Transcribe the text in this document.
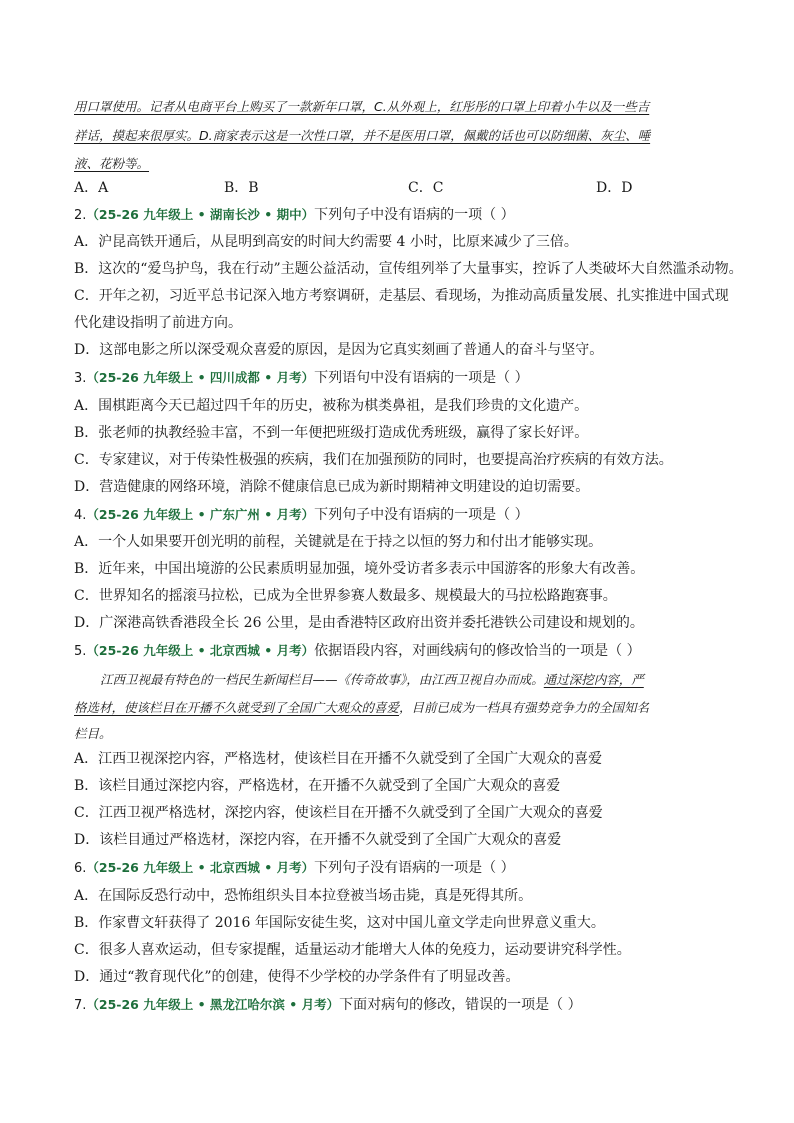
用口罩使用。记者从电商平台上购买了一款新年口罩，C.从外观上，红彤彤的口罩上印着小牛以及一些吉
祥话，摸起来很厚实。D.商家表示这是一次性口罩，并不是医用口罩，佩戴的话也可以防细菌、灰尘、唾
液、花粉等。
A．A	B．B	C．C	D．D
2.（25-26 九年级上 • 湖南长沙 • 期中）下列句子中没有语病的一项（ ）
A．沪昆高铁开通后，从昆明到高安的时间大约需要 4 小时，比原来减少了三倍。
B．这次的“爱鸟护鸟，我在行动”主题公益活动，宣传组列举了大量事实，控诉了人类破坏大自然滥杀动物。
C．开年之初，习近平总书记深入地方考察调研，走基层、看现场，为推动高质量发展、扎实推进中国式现
代化建设指明了前进方向。
D．这部电影之所以深受观众喜爱的原因，是因为它真实刻画了普通人的奋斗与坚守。
3.（25-26 九年级上 • 四川成都 • 月考）下列语句中没有语病的一项是（ ）
A．围棋距离今天已超过四千年的历史，被称为棋类鼻祖，是我们珍贵的文化遗产。
B．张老师的执教经验丰富，不到一年便把班级打造成优秀班级，赢得了家长好评。
C．专家建议，对于传染性极强的疾病，我们在加强预防的同时，也要提高治疗疾病的有效方法。
D．营造健康的网络环境，消除不健康信息已成为新时期精神文明建设的迫切需要。
4.（25-26 九年级上 • 广东广州 • 月考）下列句子中没有语病的一项是（ ）
A．一个人如果要开创光明的前程，关键就是在于持之以恒的努力和付出才能够实现。
B．近年来，中国出境游的公民素质明显加强，境外受访者多表示中国游客的形象大有改善。
C．世界知名的摇滚马拉松，已成为全世界参赛人数最多、规模最大的马拉松路跑赛事。
D．广深港高铁香港段全长 26 公里，是由香港特区政府出资并委托港铁公司建设和规划的。
5.（25-26 九年级上 • 北京西城 • 月考）依据语段内容，对画线病句的修改恰当的一项是（ ）
江西卫视最有特色的一档民生新闻栏目——《传奇故事》，由江西卫视自办而成。通过深挖内容，严
格选材，使该栏目在开播不久就受到了全国广大观众的喜爱，目前已成为一档具有强势竞争力的全国知名
栏目。
A．江西卫视深挖内容，严格选材，使该栏目在开播不久就受到了全国广大观众的喜爱
B．该栏目通过深挖内容，严格选材，在开播不久就受到了全国广大观众的喜爱
C．江西卫视严格选材，深挖内容，使该栏目在开播不久就受到了全国广大观众的喜爱
D．该栏目通过严格选材，深挖内容，在开播不久就受到了全国广大观众的喜爱
6.（25-26 九年级上 • 北京西城 • 月考）下列句子没有语病的一项是（ ）
A．在国际反恐行动中，恐怖组织头目本拉登被当场击毙，真是死得其所。
B．作家曹文轩获得了 2016 年国际安徒生奖，这对中国儿童文学走向世界意义重大。
C．很多人喜欢运动，但专家提醒，适量运动才能增大人体的免疫力，运动要讲究科学性。
D．通过“教育现代化”的创建，使得不少学校的办学条件有了明显改善。
7.（25-26 九年级上 • 黑龙江哈尔滨 • 月考）下面对病句的修改，错误的一项是（ ）
